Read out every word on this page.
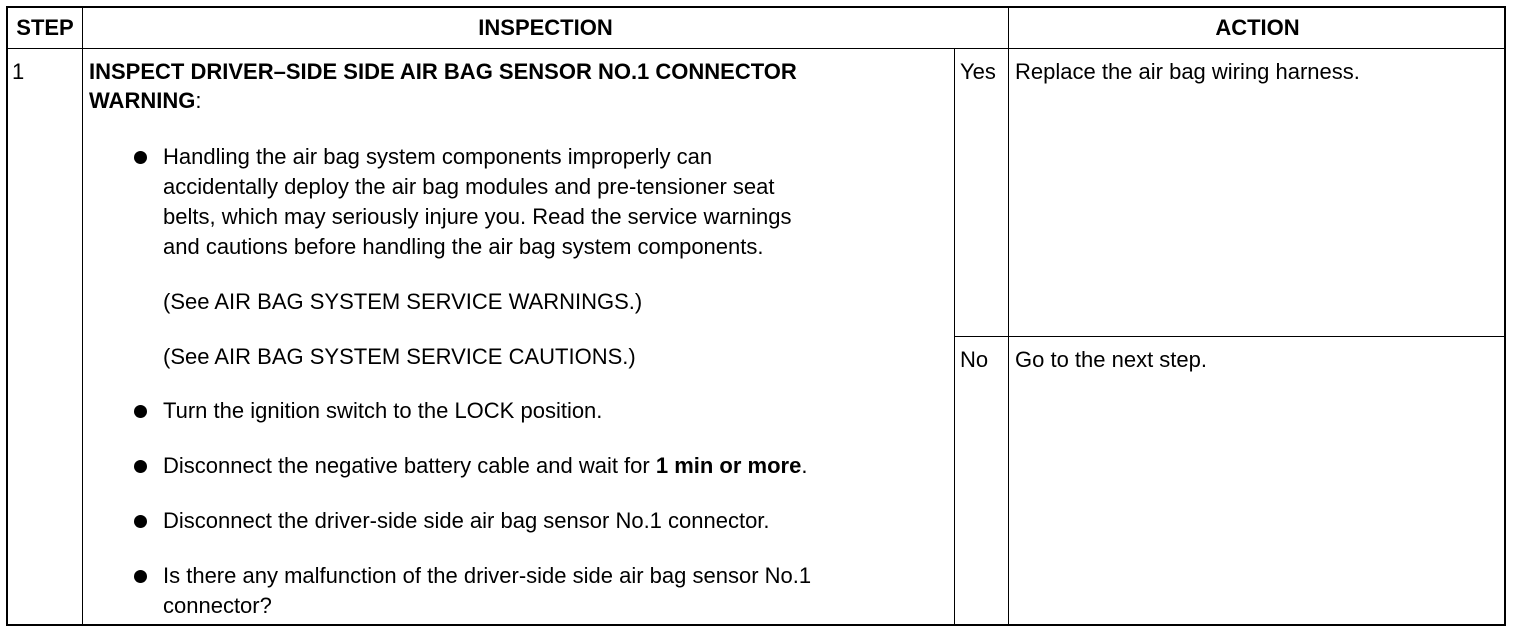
STEP	INSPECTION	ACTION
1	INSPECT DRIVER–SIDE SIDE AIR BAG SENSOR NO.1 CONNECTOR
WARNING:
Handling the air bag system components improperly can
accidentally deploy the air bag modules and pre-tensioner seat
belts, which may seriously injure you. Read the service warnings
and cautions before handling the air bag system components.
(See AIR BAG SYSTEM SERVICE WARNINGS.)
(See AIR BAG SYSTEM SERVICE CAUTIONS.)
Turn the ignition switch to the LOCK position.
Disconnect the negative battery cable and wait for 1 min or more.
Disconnect the driver-side side air bag sensor No.1 connector.
Is there any malfunction of the driver-side side air bag sensor No.1
connector?
Yes Replace the air bag wiring harness.
No Go to the next step.
